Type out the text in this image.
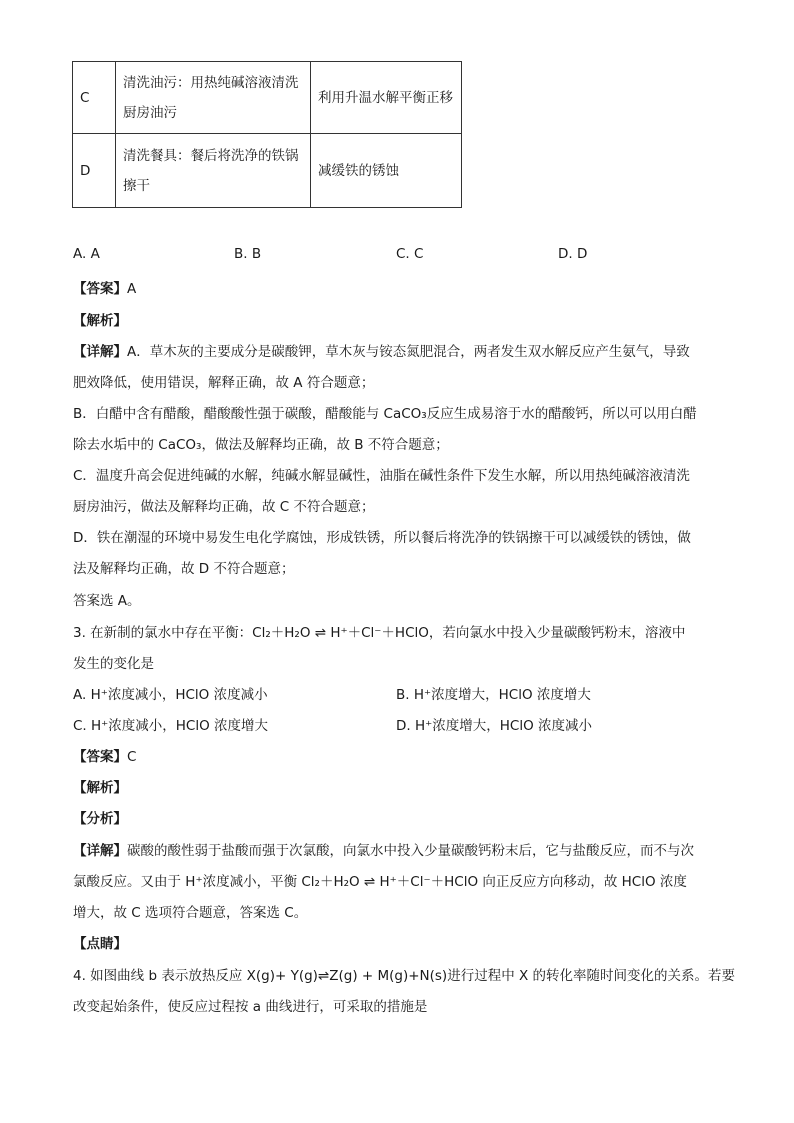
C	清洗油污：用热纯碱溶液清洗厨房油污	利用升温水解平衡正移
D	清洗餐具：餐后将洗净的铁锅擦干	减缓铁的锈蚀
A. A	B. B	C. C	D. D
【答案】A
【解析】
【详解】A．草木灰的主要成分是碳酸钾，草木灰与铵态氮肥混合，两者发生双水解反应产生氨气，导致
肥效降低，使用错误，解释正确，故 A 符合题意；
B．白醋中含有醋酸，醋酸酸性强于碳酸，醋酸能与 CaCO₃反应生成易溶于水的醋酸钙，所以可以用白醋
除去水垢中的 CaCO₃，做法及解释均正确，故 B 不符合题意；
C．温度升高会促进纯碱的水解，纯碱水解显碱性，油脂在碱性条件下发生水解，所以用热纯碱溶液清洗
厨房油污，做法及解释均正确，故 C 不符合题意；
D．铁在潮湿的环境中易发生电化学腐蚀，形成铁锈，所以餐后将洗净的铁锅擦干可以减缓铁的锈蚀，做
法及解释均正确，故 D 不符合题意；
答案选 A。
3. 在新制的氯水中存在平衡：Cl₂＋H₂O ⇌ H⁺＋Cl⁻＋HClO，若向氯水中投入少量碳酸钙粉末，溶液中
发生的变化是
A. H⁺浓度减小，HClO 浓度减小	B. H⁺浓度增大，HClO 浓度增大
C. H⁺浓度减小，HClO 浓度增大	D. H⁺浓度增大，HClO 浓度减小
【答案】C
【解析】
【分析】
【详解】碳酸的酸性弱于盐酸而强于次氯酸，向氯水中投入少量碳酸钙粉末后，它与盐酸反应，而不与次
氯酸反应。又由于 H⁺浓度减小，平衡 Cl₂＋H₂O ⇌ H⁺＋Cl⁻＋HClO 向正反应方向移动，故 HClO 浓度
增大，故 C 选项符合题意，答案选 C。
【点睛】
4. 如图曲线 b 表示放热反应 X(g)+ Y(g)⇌Z(g) + M(g)+N(s)进行过程中 X 的转化率随时间变化的关系。若要
改变起始条件，使反应过程按 a 曲线进行，可采取的措施是
